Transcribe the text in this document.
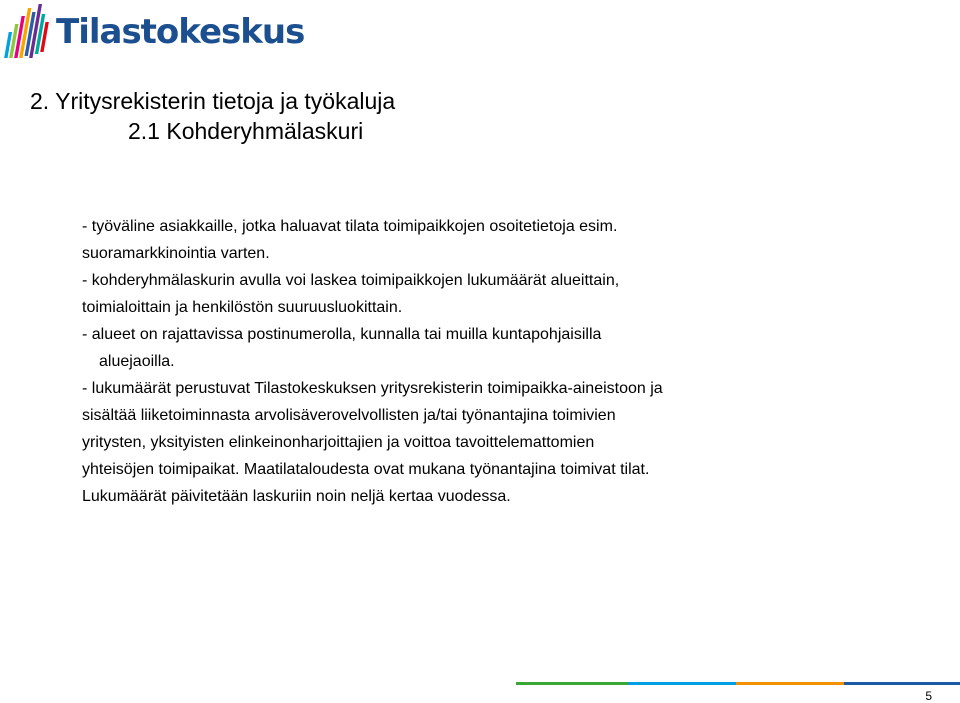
Tilastokeskus
2. Yritysrekisterin tietoja ja työkaluja
2.1 Kohderyhmälaskuri

- työväline asiakkaille, jotka haluavat tilata toimipaikkojen osoitetietoja esim.

suoramarkkinointia varten.

- kohderyhmälaskurin avulla voi laskea toimipaikkojen lukumäärät alueittain,

toimialoittain ja henkilöstön suuruusluokittain.

- alueet on rajattavissa postinumerolla, kunnalla tai muilla kuntapohjaisilla

aluejaoilla.

- lukumäärät perustuvat Tilastokeskuksen yritysrekisterin toimipaikka-aineistoon ja

sisältää liiketoiminnasta arvolisäverovelvollisten ja/tai työnantajina toimivien

yritysten, yksityisten elinkeinonharjoittajien ja voittoa tavoittelemattomien

yhteisöjen toimipaikat. Maatilataloudesta ovat mukana työnantajina toimivat tilat.

Lukumäärät päivitetään laskuriin noin neljä kertaa vuodessa.

5
